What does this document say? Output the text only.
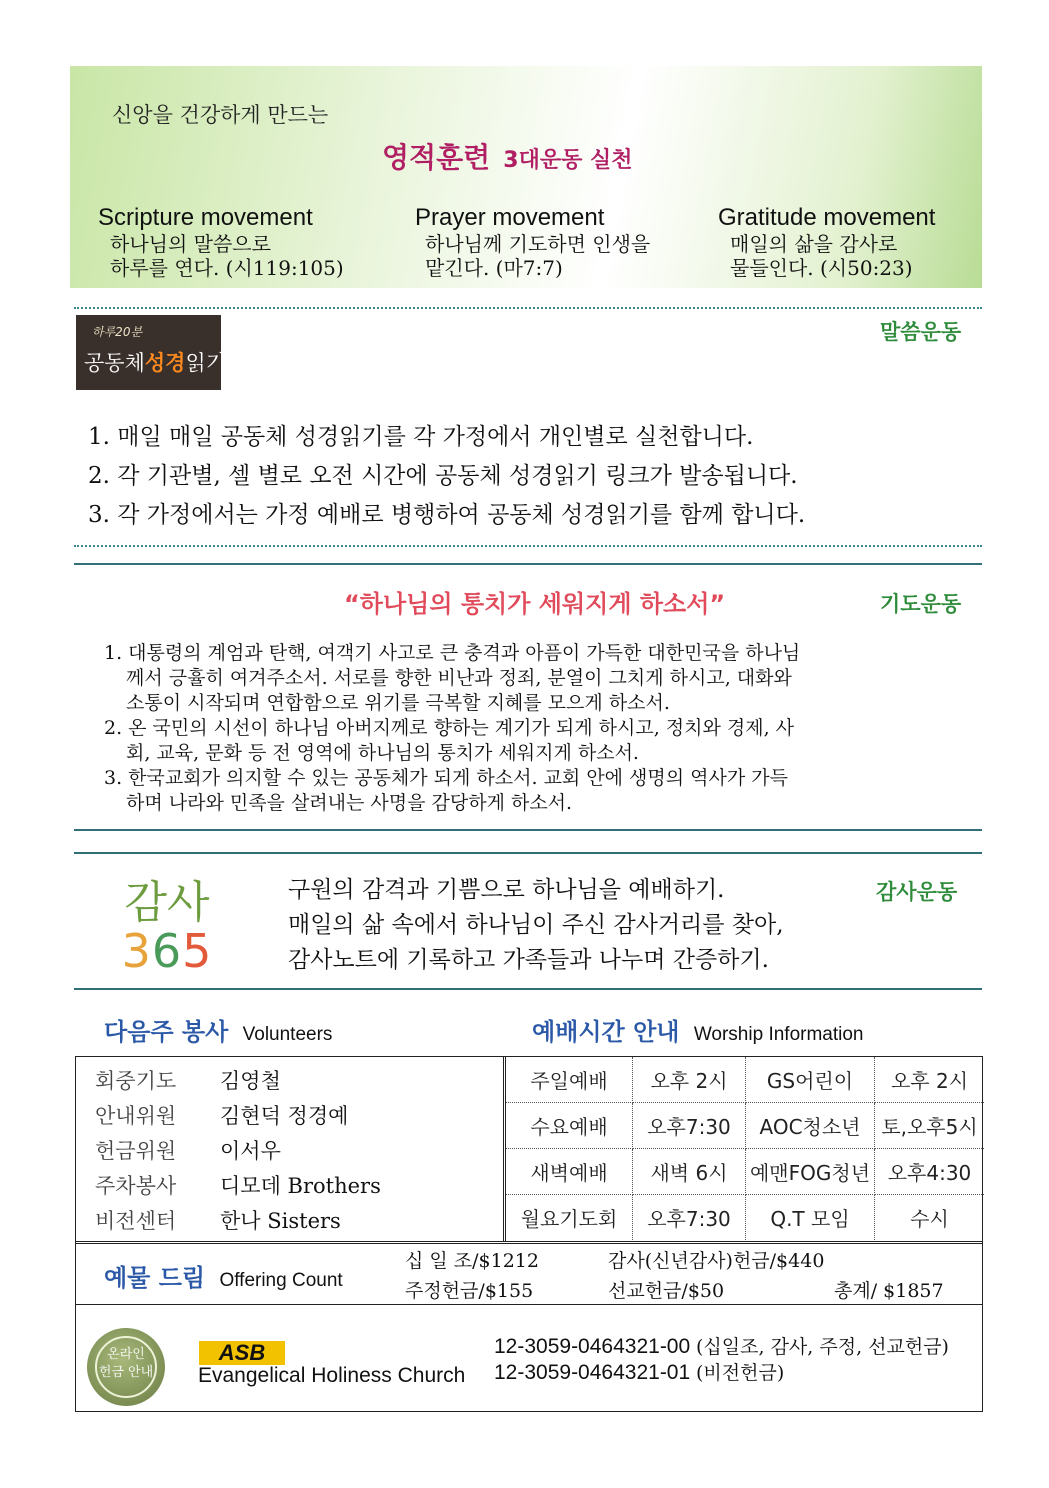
신앙을 건강하게 만드는
영적훈련 3대운동 실천
Scripture movement
하나님의 말씀으로
하루를 연다. (시119:105)
Prayer movement
하나님께 기도하면 인생을
맡긴다. (마7:7)
Gratitude movement
매일의 삶을 감사로
물들인다. (시50:23)
하루20분
공동체성경읽기
말씀운동
1. 매일 매일 공동체 성경읽기를 각 가정에서 개인별로 실천합니다.
2. 각 기관별, 셀 별로 오전 시간에 공동체 성경읽기 링크가 발송됩니다.
3. 각 가정에서는 가정 예배로 병행하여 공동체 성경읽기를 함께 합니다.
“하나님의 통치가 세워지게 하소서”	기도운동
1. 대통령의 계엄과 탄핵, 여객기 사고로 큰 충격과 아픔이 가득한 대한민국을 하나님
께서 긍휼히 여겨주소서. 서로를 향한 비난과 정죄, 분열이 그치게 하시고, 대화와
소통이 시작되며 연합함으로 위기를 극복할 지혜를 모으게 하소서.
2. 온 국민의 시선이 하나님 아버지께로 향하는 계기가 되게 하시고, 정치와 경제, 사
회, 교육, 문화 등 전 영역에 하나님의 통치가 세워지게 하소서.
3. 한국교회가 의지할 수 있는 공동체가 되게 하소서. 교회 안에 생명의 역사가 가득
하며 나라와 민족을 살려내는 사명을 감당하게 하소서.
감사
365
구원의 감격과 기쁨으로 하나님을 예배하기.
매일의 삶 속에서 하나님이 주신 감사거리를 찾아,
감사노트에 기록하고 가족들과 나누며 간증하기.
감사운동
다음주 봉사 Volunteers	예배시간 안내 Worship Information
회중기도	김영철
안내위원	김현덕 정경예
헌금위원	이서우
주차봉사	디모데 Brothers
비전센터	한나 Sisters
주일예배	오후 2시	GS어린이	오후 2시
수요예배	오후7:30	AOC청소년	토,오후5시
새벽예배	새벽 6시	예맨FOG청년	오후4:30
월요기도회	오후7:30	Q.T 모임	수시
예물 드림 Offering Count
십 일 조/$1212	감사(신년감사)헌금/$440
주정헌금/$155	선교헌금/$50	총계/ $1857
온라인
헌금 안내
ASB
Evangelical Holiness Church
12-3059-0464321-00 (십일조, 감사, 주정, 선교헌금)
12-3059-0464321-01 (비전헌금)
